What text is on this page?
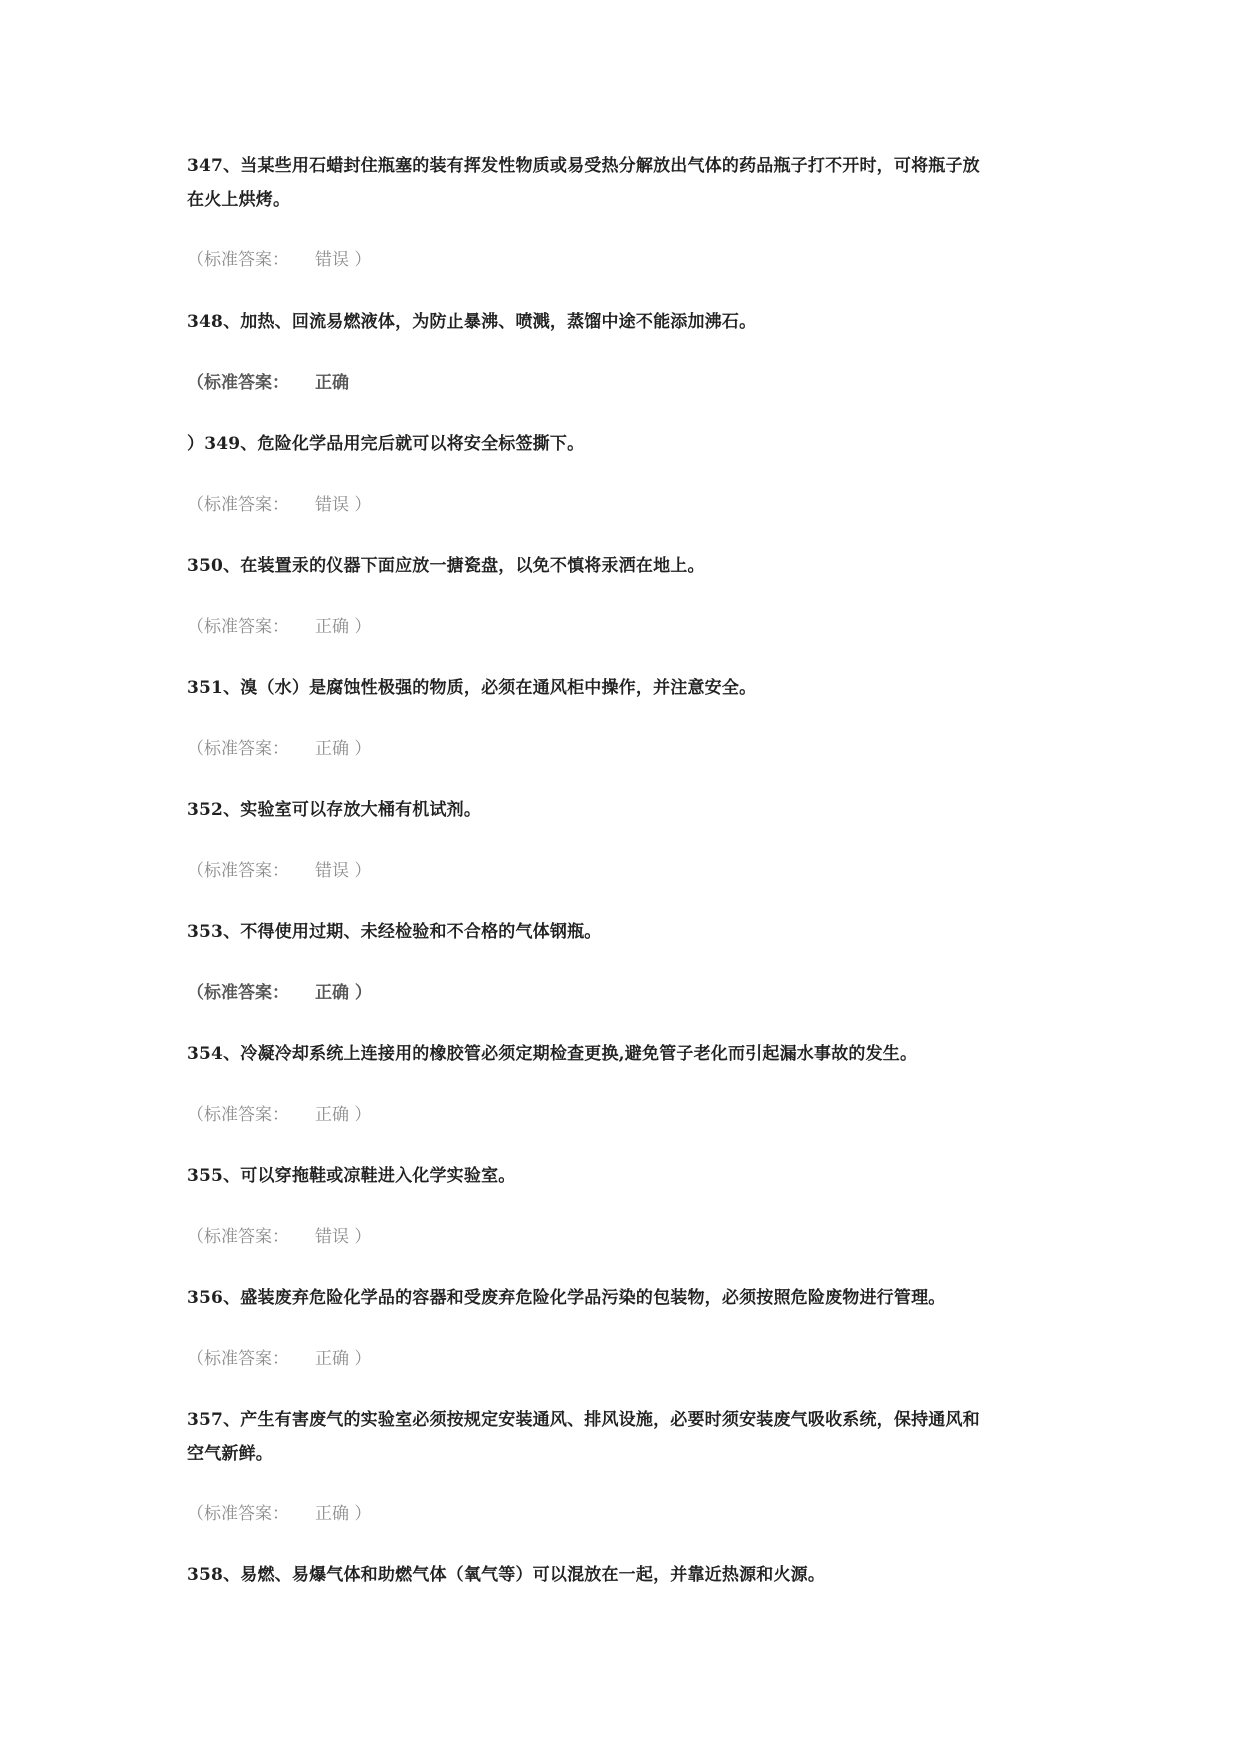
347、当某些用石蜡封住瓶塞的装有挥发性物质或易受热分解放出气体的药品瓶子打不开时，可将瓶子放
在火上烘烤。
（标准答案： 错误 ）
348、加热、回流易燃液体，为防止暴沸、喷溅，蒸馏中途不能添加沸石。
（标准答案： 正确
）349、危险化学品用完后就可以将安全标签撕下。
（标准答案： 错误 ）
350、在装置汞的仪器下面应放一搪瓷盘，以免不慎将汞洒在地上。
（标准答案： 正确 ）
351、溴（水）是腐蚀性极强的物质，必须在通风柜中操作，并注意安全。
（标准答案： 正确 ）
352、实验室可以存放大桶有机试剂。
（标准答案： 错误 ）
353、不得使用过期、未经检验和不合格的气体钢瓶。
（标准答案： 正确 ）
354、冷凝冷却系统上连接用的橡胶管必须定期检查更换,避免管子老化而引起漏水事故的发生。
（标准答案： 正确 ）
355、可以穿拖鞋或凉鞋进入化学实验室。
（标准答案： 错误 ）
356、盛装废弃危险化学品的容器和受废弃危险化学品污染的包装物，必须按照危险废物进行管理。
（标准答案： 正确 ）
357、产生有害废气的实验室必须按规定安装通风、排风设施，必要时须安装废气吸收系统，保持通风和
空气新鲜。
（标准答案： 正确 ）
358、易燃、易爆气体和助燃气体（氧气等）可以混放在一起，并靠近热源和火源。
